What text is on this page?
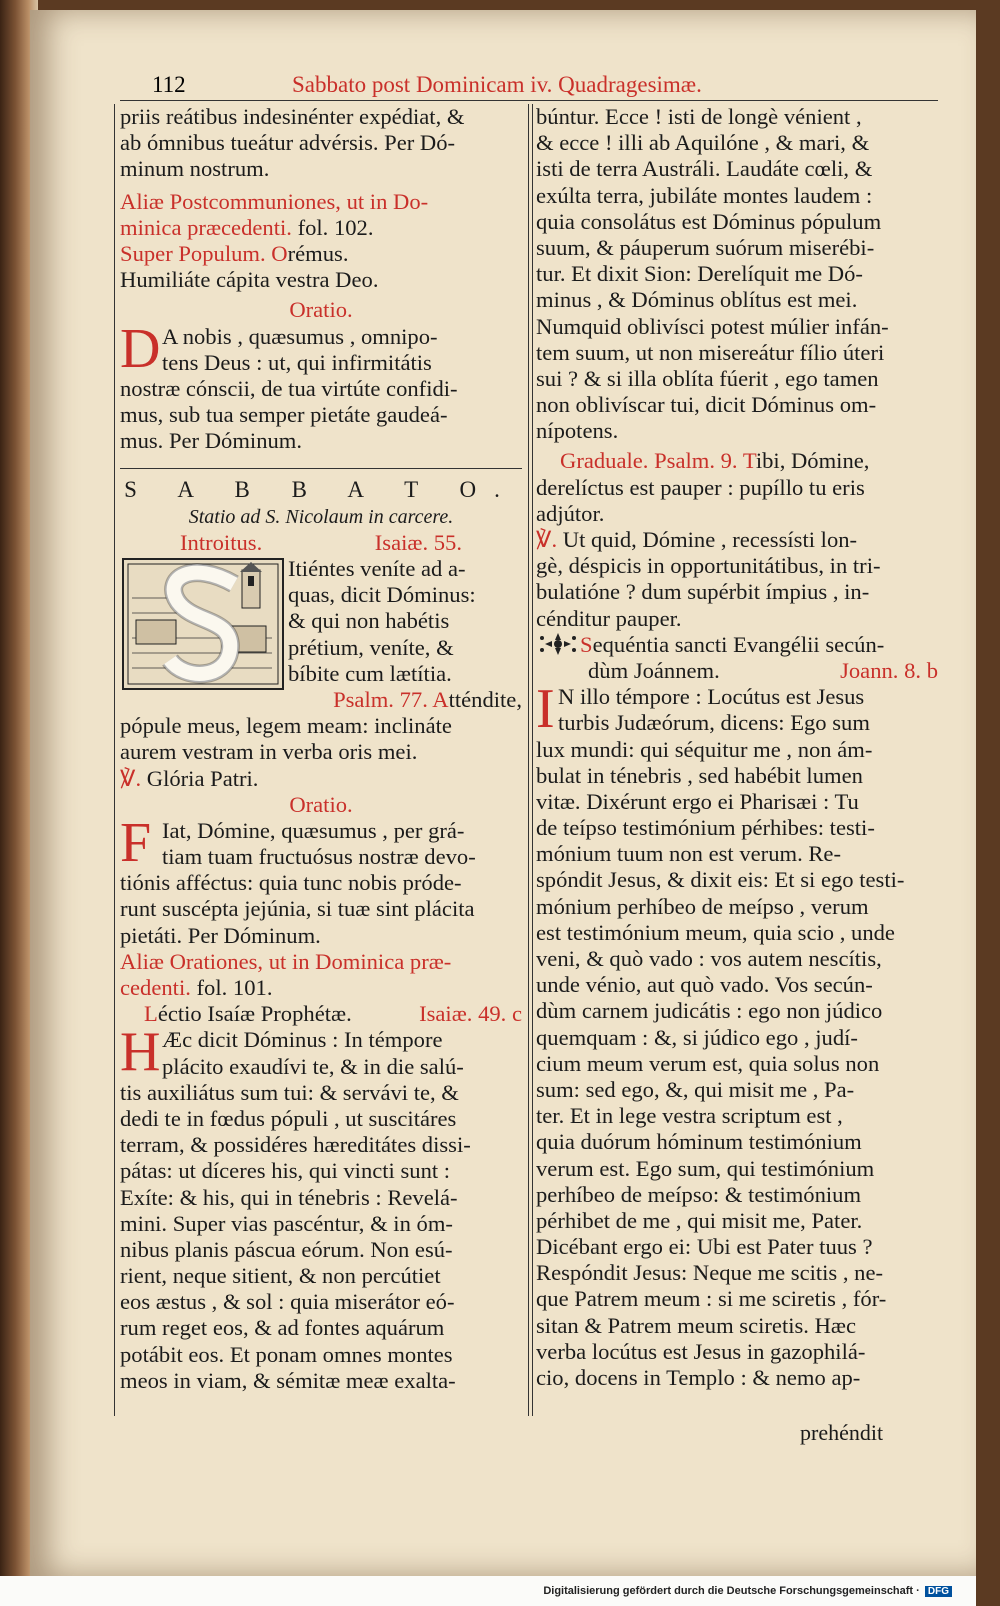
112	Sabbato post Dominicam iv. Quadragesimæ.
priis reátibus indesinénter expédiat, &
ab ómnibus tueátur advérsis. Per Dó-
minum nostrum.
Aliæ Postcommuniones, ut in Do-
minica præcedenti. fol. 102.
Super Populum. Orémus.
Humiliáte cápita vestra Deo.
Oratio.
D A nobis , quæsumus , omnipo-
tens Deus : ut, qui infirmitátis
nostræ cónscii, de tua virtúte confidi-
mus, sub tua semper pietáte gaudeá-
mus. Per Dóminum.
S A B B A T O.
Statio ad S. Nicolaum in carcere.
Introitus.	Isaiæ. 55.
Itiéntes veníte ad a-
quas, dicit Dóminus:
& qui non habétis
prétium, veníte, &
bíbite cum lætítia.
Psalm. 77. Atténdite,
pópule meus, legem meam: inclináte
aurem vestram in verba oris mei.
℣. Glória Patri.
Oratio.
F Iat, Dómine, quæsumus , per grá-
tiam tuam fructuósus nostræ devo-
tiónis afféctus: quia tunc nobis próde-
runt suscépta jejúnia, si tuæ sint plácita
pietáti. Per Dóminum.
Aliæ Orationes, ut in Dominica præ-
cedenti. fol. 101.
Léctio Isaíæ Prophétæ.	Isaiæ. 49. c
H Æc dicit Dóminus : In témpore
plácito exaudívi te, & in die salú-
tis auxiliátus sum tui: & servávi te, &
dedi te in fœdus pópuli , ut suscitáres
terram, & possidéres hæreditátes dissi-
pátas: ut díceres his, qui vincti sunt :
Exíte: & his, qui in ténebris : Revelá-
mini. Super vias pascéntur, & in óm-
nibus planis páscua eórum. Non esú-
rient, neque sitient, & non percútiet
eos æstus , & sol : quia miserátor eó-
rum reget eos, & ad fontes aquárum
potábit eos. Et ponam omnes montes
meos in viam, & sémitæ meæ exalta-
búntur. Ecce ! isti de longè vénient ,
& ecce ! illi ab Aquilóne , & mari, &
isti de terra Austráli. Laudáte cœli, &
exúlta terra, jubiláte montes laudem :
quia consolátus est Dóminus pópulum
suum, & páuperum suórum miserébi-
tur. Et dixit Sion: Derelíquit me Dó-
minus , & Dóminus oblítus est mei.
Numquid oblivísci potest múlier infán-
tem suum, ut non misereátur fílio úteri
sui ? & si illa oblíta fúerit , ego tamen
non oblivíscar tui, dicit Dóminus om-
nípotens.
Graduale. Psalm. 9. Tibi, Dómine,
derelíctus est pauper : pupíllo tu eris
adjútor.
℣. Ut quid, Dómine , recessísti lon-
gè, déspicis in opportunitátibus, in tri-
bulatióne ? dum supérbit ímpius , in-
cénditur pauper.
Sequéntia sancti Evangélii secún-
dùm Joánnem.	Joann. 8. b
I N illo témpore : Locútus est Jesus
turbis Judæórum, dicens: Ego sum
lux mundi: qui séquitur me , non ám-
bulat in ténebris , sed habébit lumen
vitæ. Dixérunt ergo ei Pharisæi : Tu
de teípso testimónium pérhibes: testi-
mónium tuum non est verum. Re-
spóndit Jesus, & dixit eis: Et si ego testi-
mónium perhíbeo de meípso , verum
est testimónium meum, quia scio , unde
veni, & quò vado : vos autem nescítis,
unde vénio, aut quò vado. Vos secún-
dùm carnem judicátis : ego non júdico
quemquam : &, si júdico ego , judí-
cium meum verum est, quia solus non
sum: sed ego, &, qui misit me , Pa-
ter. Et in lege vestra scriptum est ,
quia duórum hóminum testimónium
verum est. Ego sum, qui testimónium
perhíbeo de meípso: & testimónium
pérhibet de me , qui misit me, Pater.
Dicébant ergo ei: Ubi est Pater tuus ?
Respóndit Jesus: Neque me scitis , ne-
que Patrem meum : si me sciretis , fór-
sitan & Patrem meum sciretis. Hæc
verba locútus est Jesus in gazophilá-
cio, docens in Templo : & nemo ap-
prehéndit
Digitalisierung gefördert durch die Deutsche Forschungsgemeinschaft · DFG
